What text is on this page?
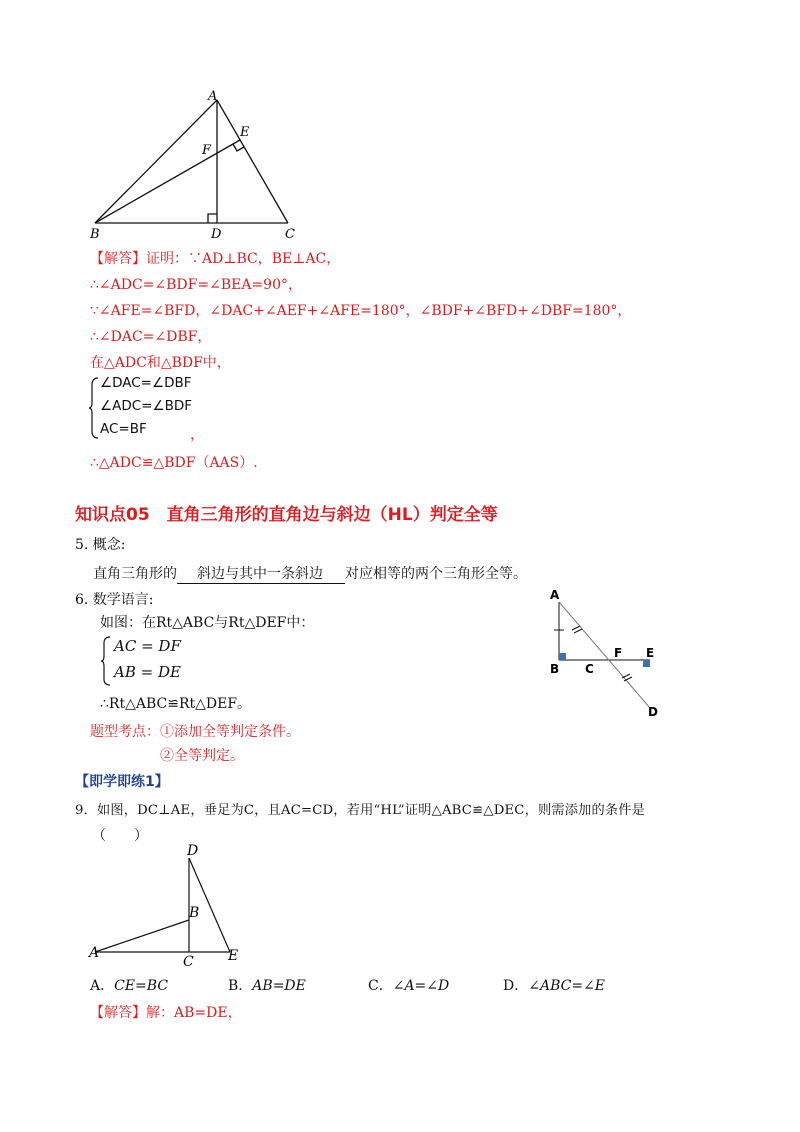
A
E
F
B	D	C
【解答】证明：∵AD⊥BC，BE⊥AC，
∴∠ADC=∠BDF=∠BEA=90°，
∵∠AFE=∠BFD，∠DAC+∠AEF+∠AFE=180°，∠BDF+∠BFD+∠DBF=180°，
∴∠DAC=∠DBF，
在△ADC和△BDF中，
∠DAC=∠DBF
∠ADC=∠BDF
AC=BF	，
∴△ADC≌△BDF（AAS）.
知识点05　直角三角形的直角边与斜边（HL）判定全等
5. 概念:
直角三角形的 斜边与其中一条斜边 对应相等的两个三角形全等。
6. 数学语言:
如图：在Rt△ABC与Rt△DEF中：
AC = DF
AB = DE
∴Rt△ABC≌Rt△DEF。
题型考点：①添加全等判定条件。
②全等判定。
A
B C
F E
D
【即学即练1】
9．如图，DC⊥AE，垂足为C，且AC=CD，若用“HL”证明△ABC≌△DEC，则需添加的条件是
（　　）
D
B
A
C E
A．CE=BC	B．AB=DE	C．∠A=∠D	D．∠ABC=∠E
【解答】解：AB=DE，
